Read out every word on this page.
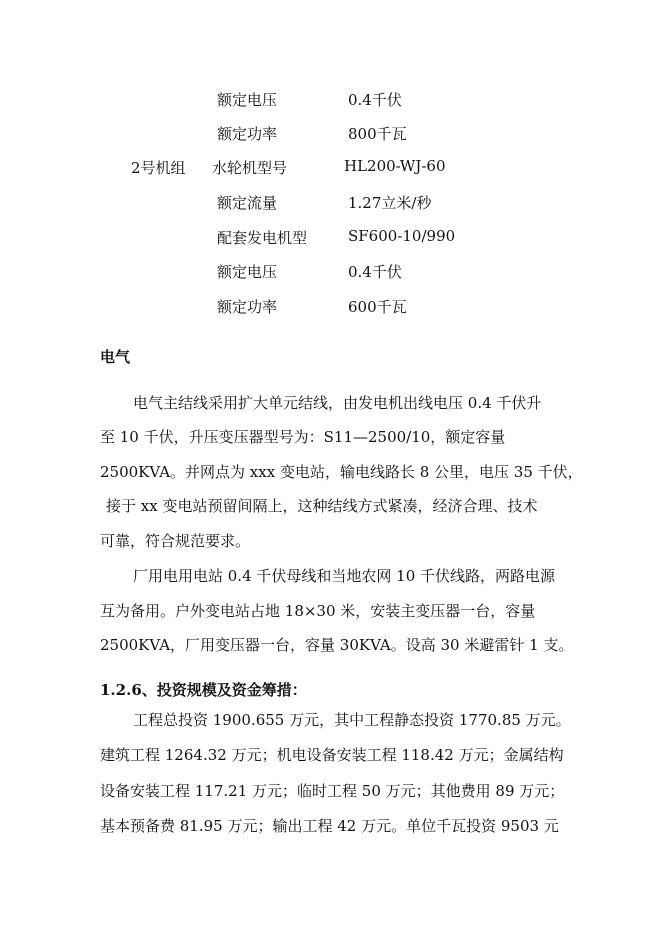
额定电压	0.4千伏
额定功率	800千瓦
2号机组 水轮机型号	HL200-WJ-60
额定流量	1.27立米/秒
配套发电机型	SF600-10/990
额定电压	0.4千伏
额定功率	600千瓦
电气
电气主结线采用扩大单元结线，由发电机出线电压 0.4 千伏升
至 10 千伏，升压变压器型号为：S11—2500/10，额定容量
2500KVA。并网点为 xxx 变电站，输电线路长 8 公里，电压 35 千伏，
接于 xx 变电站预留间隔上，这种结线方式紧凑，经济合理、技术
可靠，符合规范要求。
厂用电用电站 0.4 千伏母线和当地农网 10 千伏线路，两路电源
互为备用。户外变电站占地 18×30 米，安装主变压器一台，容量
2500KVA，厂用变压器一台，容量 30KVA。设高 30 米避雷针 1 支。
1.2.6、投资规模及资金筹措：
工程总投资 1900.655 万元，其中工程静态投资 1770.85 万元。
建筑工程 1264.32 万元；机电设备安装工程 118.42 万元；金属结构
设备安装工程 117.21 万元；临时工程 50 万元；其他费用 89 万元；
基本预备费 81.95 万元；输出工程 42 万元。单位千瓦投资 9503 元
